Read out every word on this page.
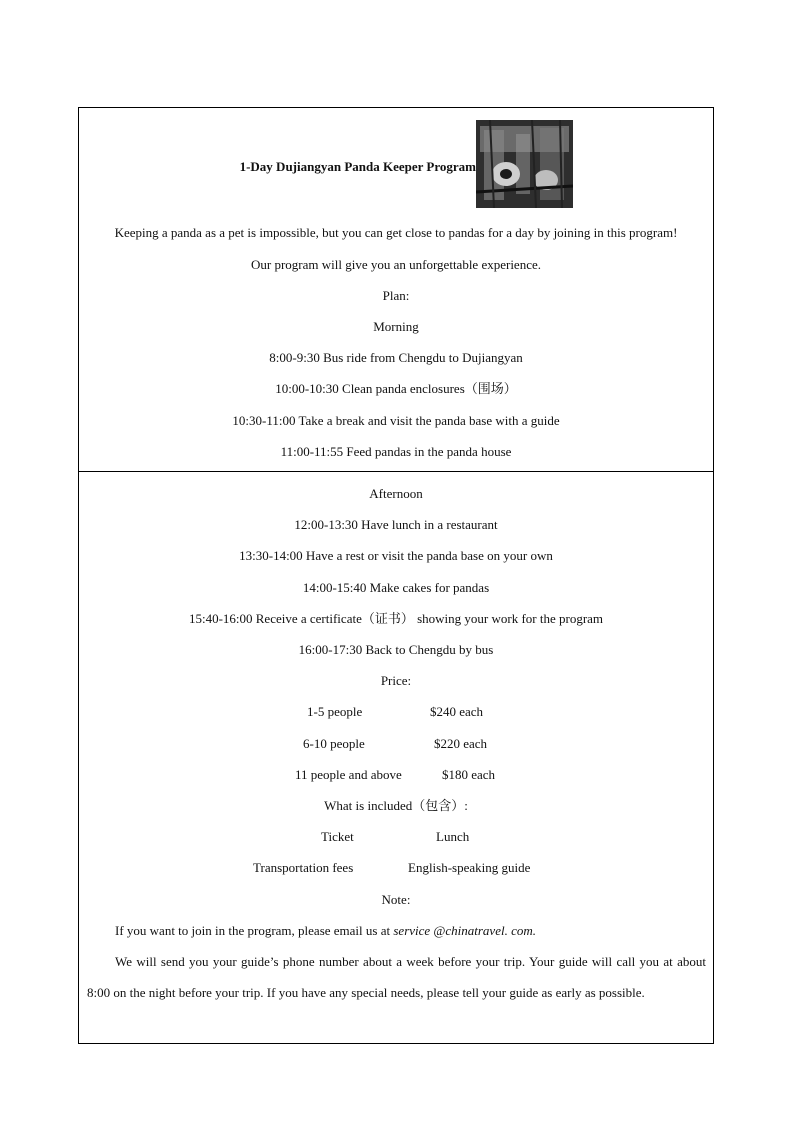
1-Day Dujiangyan Panda Keeper Program
Keeping a panda as a pet is impossible, but you can get close to pandas for a day by joining in this program!
Our program will give you an unforgettable experience.
Plan:
Morning
8:00-9:30 Bus ride from Chengdu to Dujiangyan
10:00-10:30 Clean panda enclosures（围场）
10:30-11:00 Take a break and visit the panda base with a guide
11:00-11:55 Feed pandas in the panda house
Afternoon
12:00-13:30 Have lunch in a restaurant
13:30-14:00 Have a rest or visit the panda base on your own
14:00-15:40 Make cakes for pandas
15:40-16:00 Receive a certificate（证书） showing your work for the program
16:00-17:30 Back to Chengdu by bus
Price:
1-5 people	$240 each
6-10 people	$220 each
11 people and above	$180 each
What is included（包含）:
Ticket	Lunch
Transportation fees	English-speaking guide
Note:
If you want to join in the program, please email us at service @chinatravel. com.
We will send you your guide’s phone number about a week before your trip. Your guide will call you at about 8:00 on the night before your trip. If you have any special needs, please tell your guide as early as possible.
